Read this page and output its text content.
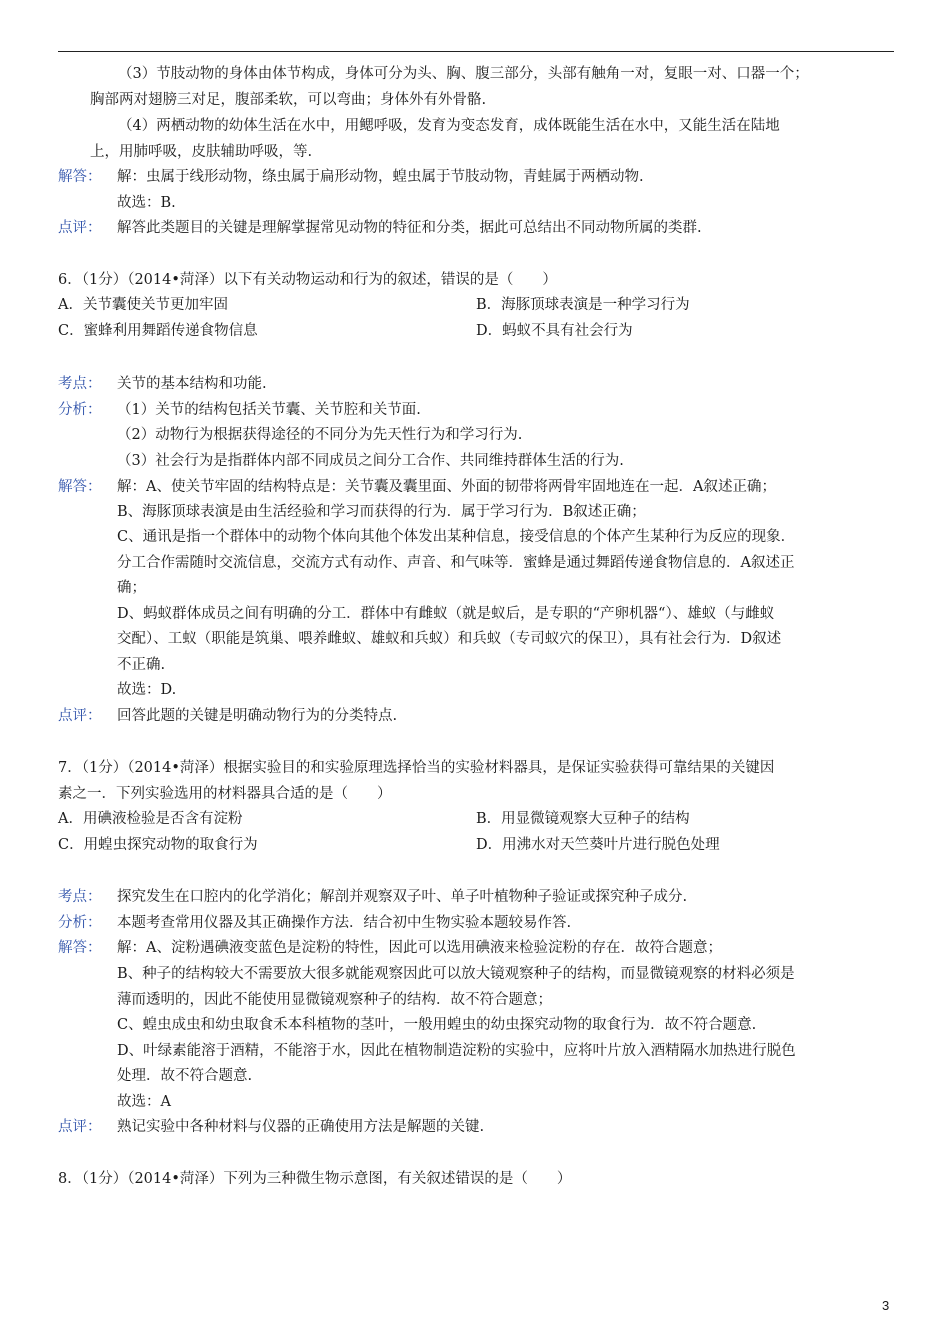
（3）节肢动物的身体由体节构成，身体可分为头、胸、腹三部分，头部有触角一对，复眼一对、口器一个；
胸部两对翅膀三对足，腹部柔软，可以弯曲；身体外有外骨骼.
（4）两栖动物的幼体生活在水中，用鳃呼吸，发育为变态发育，成体既能生活在水中，又能生活在陆地
上，用肺呼吸，皮肤辅助呼吸，等.
解答： 解：虫属于线形动物，绦虫属于扁形动物，蝗虫属于节肢动物，青蛙属于两栖动物.
故选：B.
点评： 解答此类题目的关键是理解掌握常见动物的特征和分类，据此可总结出不同动物所属的类群.
6．（1分）（2014•菏泽）以下有关动物运动和行为的叙述，错误的是（　　）
A．关节囊使关节更加牢固	B．海豚顶球表演是一种学习行为
C．蜜蜂利用舞蹈传递食物信息	D．蚂蚁不具有社会行为
考点： 关节的基本结构和功能.
分析： （1）关节的结构包括关节囊、关节腔和关节面.
（2）动物行为根据获得途径的不同分为先天性行为和学习行为.
（3）社会行为是指群体内部不同成员之间分工合作、共同维持群体生活的行为.
解答： 解：A、使关节牢固的结构特点是：关节囊及囊里面、外面的韧带将两骨牢固地连在一起．A叙述正确；
B、海豚顶球表演是由生活经验和学习而获得的行为．属于学习行为．B叙述正确；
C、通讯是指一个群体中的动物个体向其他个体发出某种信息，接受信息的个体产生某种行为反应的现象．
分工合作需随时交流信息，交流方式有动作、声音、和气味等．蜜蜂是通过舞蹈传递食物信息的．A叙述正
确；
D、蚂蚁群体成员之间有明确的分工．群体中有雌蚁（就是蚁后，是专职的“产卵机器“）、雄蚁（与雌蚁
交配）、工蚁（职能是筑巢、喂养雌蚁、雄蚁和兵蚁）和兵蚁（专司蚁穴的保卫），具有社会行为．D叙述
不正确.
故选：D.
点评： 回答此题的关键是明确动物行为的分类特点.
7．（1分）（2014•菏泽）根据实验目的和实验原理选择恰当的实验材料器具，是保证实验获得可靠结果的关键因
素之一．下列实验选用的材料器具合适的是（　　）
A．用碘液检验是否含有淀粉	B．用显微镜观察大豆种子的结构
C．用蝗虫探究动物的取食行为	D．用沸水对天竺葵叶片进行脱色处理
考点： 探究发生在口腔内的化学消化；解剖并观察双子叶、单子叶植物种子验证或探究种子成分.
分析： 本题考查常用仪器及其正确操作方法．结合初中生物实验本题较易作答.
解答： 解：A、淀粉遇碘液变蓝色是淀粉的特性，因此可以选用碘液来检验淀粉的存在．故符合题意；
B、种子的结构较大不需要放大很多就能观察因此可以放大镜观察种子的结构，而显微镜观察的材料必须是
薄而透明的，因此不能使用显微镜观察种子的结构．故不符合题意；
C、蝗虫成虫和幼虫取食禾本科植物的茎叶，一般用蝗虫的幼虫探究动物的取食行为．故不符合题意.
D、叶绿素能溶于酒精，不能溶于水，因此在植物制造淀粉的实验中，应将叶片放入酒精隔水加热进行脱色
处理．故不符合题意.
故选：A
点评： 熟记实验中各种材料与仪器的正确使用方法是解题的关键.
8．（1分）（2014•菏泽）下列为三种微生物示意图，有关叙述错误的是（　　）
3
